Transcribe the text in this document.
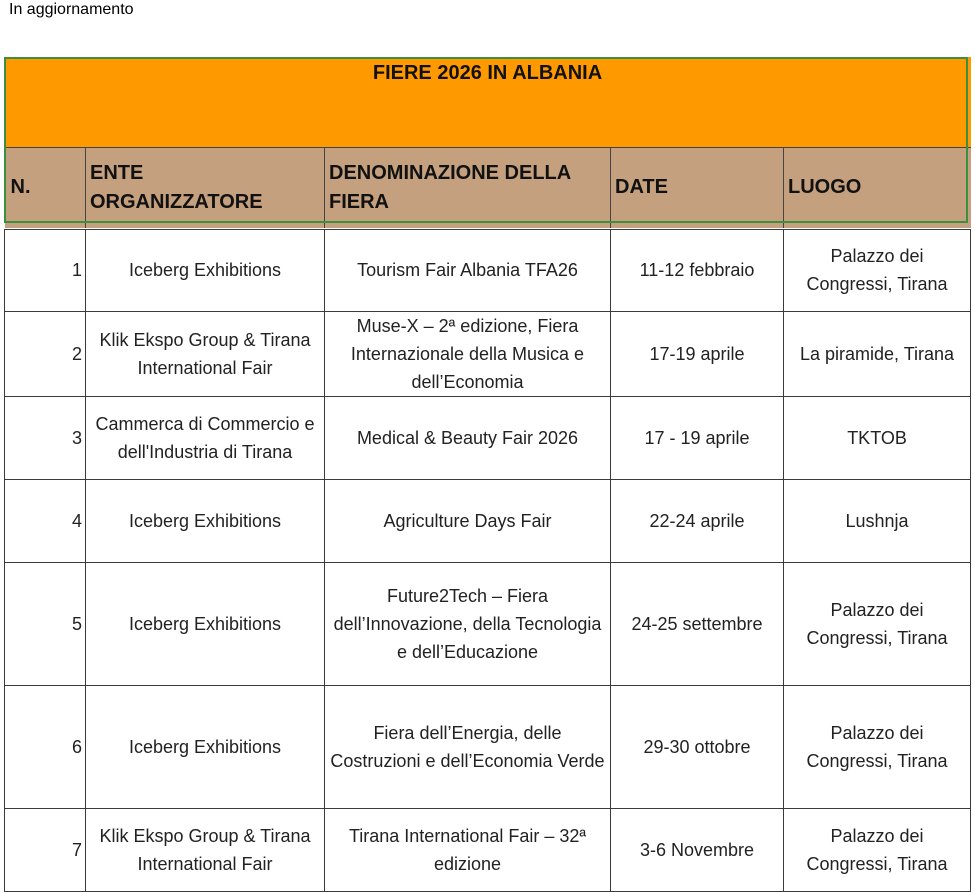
In aggiornamento
FIERE 2026 IN ALBANIA				
N.	ENTE ORGANIZZATORE	DENOMINAZIONE DELLA FIERA	DATE	LUOGO

1	Iceberg Exhibitions	Tourism Fair Albania TFA26	11-12 febbraio	Palazzo dei Congressi, Tirana
2	Klik Ekspo Group & Tirana International Fair	Muse-X – 2ª edizione, Fiera Internazionale della Musica e dell’Economia	17-19 aprile	La piramide, Tirana
3	Cammerca di Commercio e dell'Industria di Tirana	Medical & Beauty Fair 2026	17 - 19 aprile	TKTOB
4	Iceberg Exhibitions	Agriculture Days Fair	22-24 aprile	Lushnja
5	Iceberg Exhibitions	Future2Tech – Fiera dell’Innovazione, della Tecnologia e dell’Educazione	24-25 settembre	Palazzo dei Congressi, Tirana
6	Iceberg Exhibitions	Fiera dell’Energia, delle Costruzioni e dell’Economia Verde	29-30 ottobre	Palazzo dei Congressi, Tirana
7	Klik Ekspo Group & Tirana International Fair	Tirana International Fair – 32ª edizione	3-6 Novembre	Palazzo dei Congressi, Tirana
